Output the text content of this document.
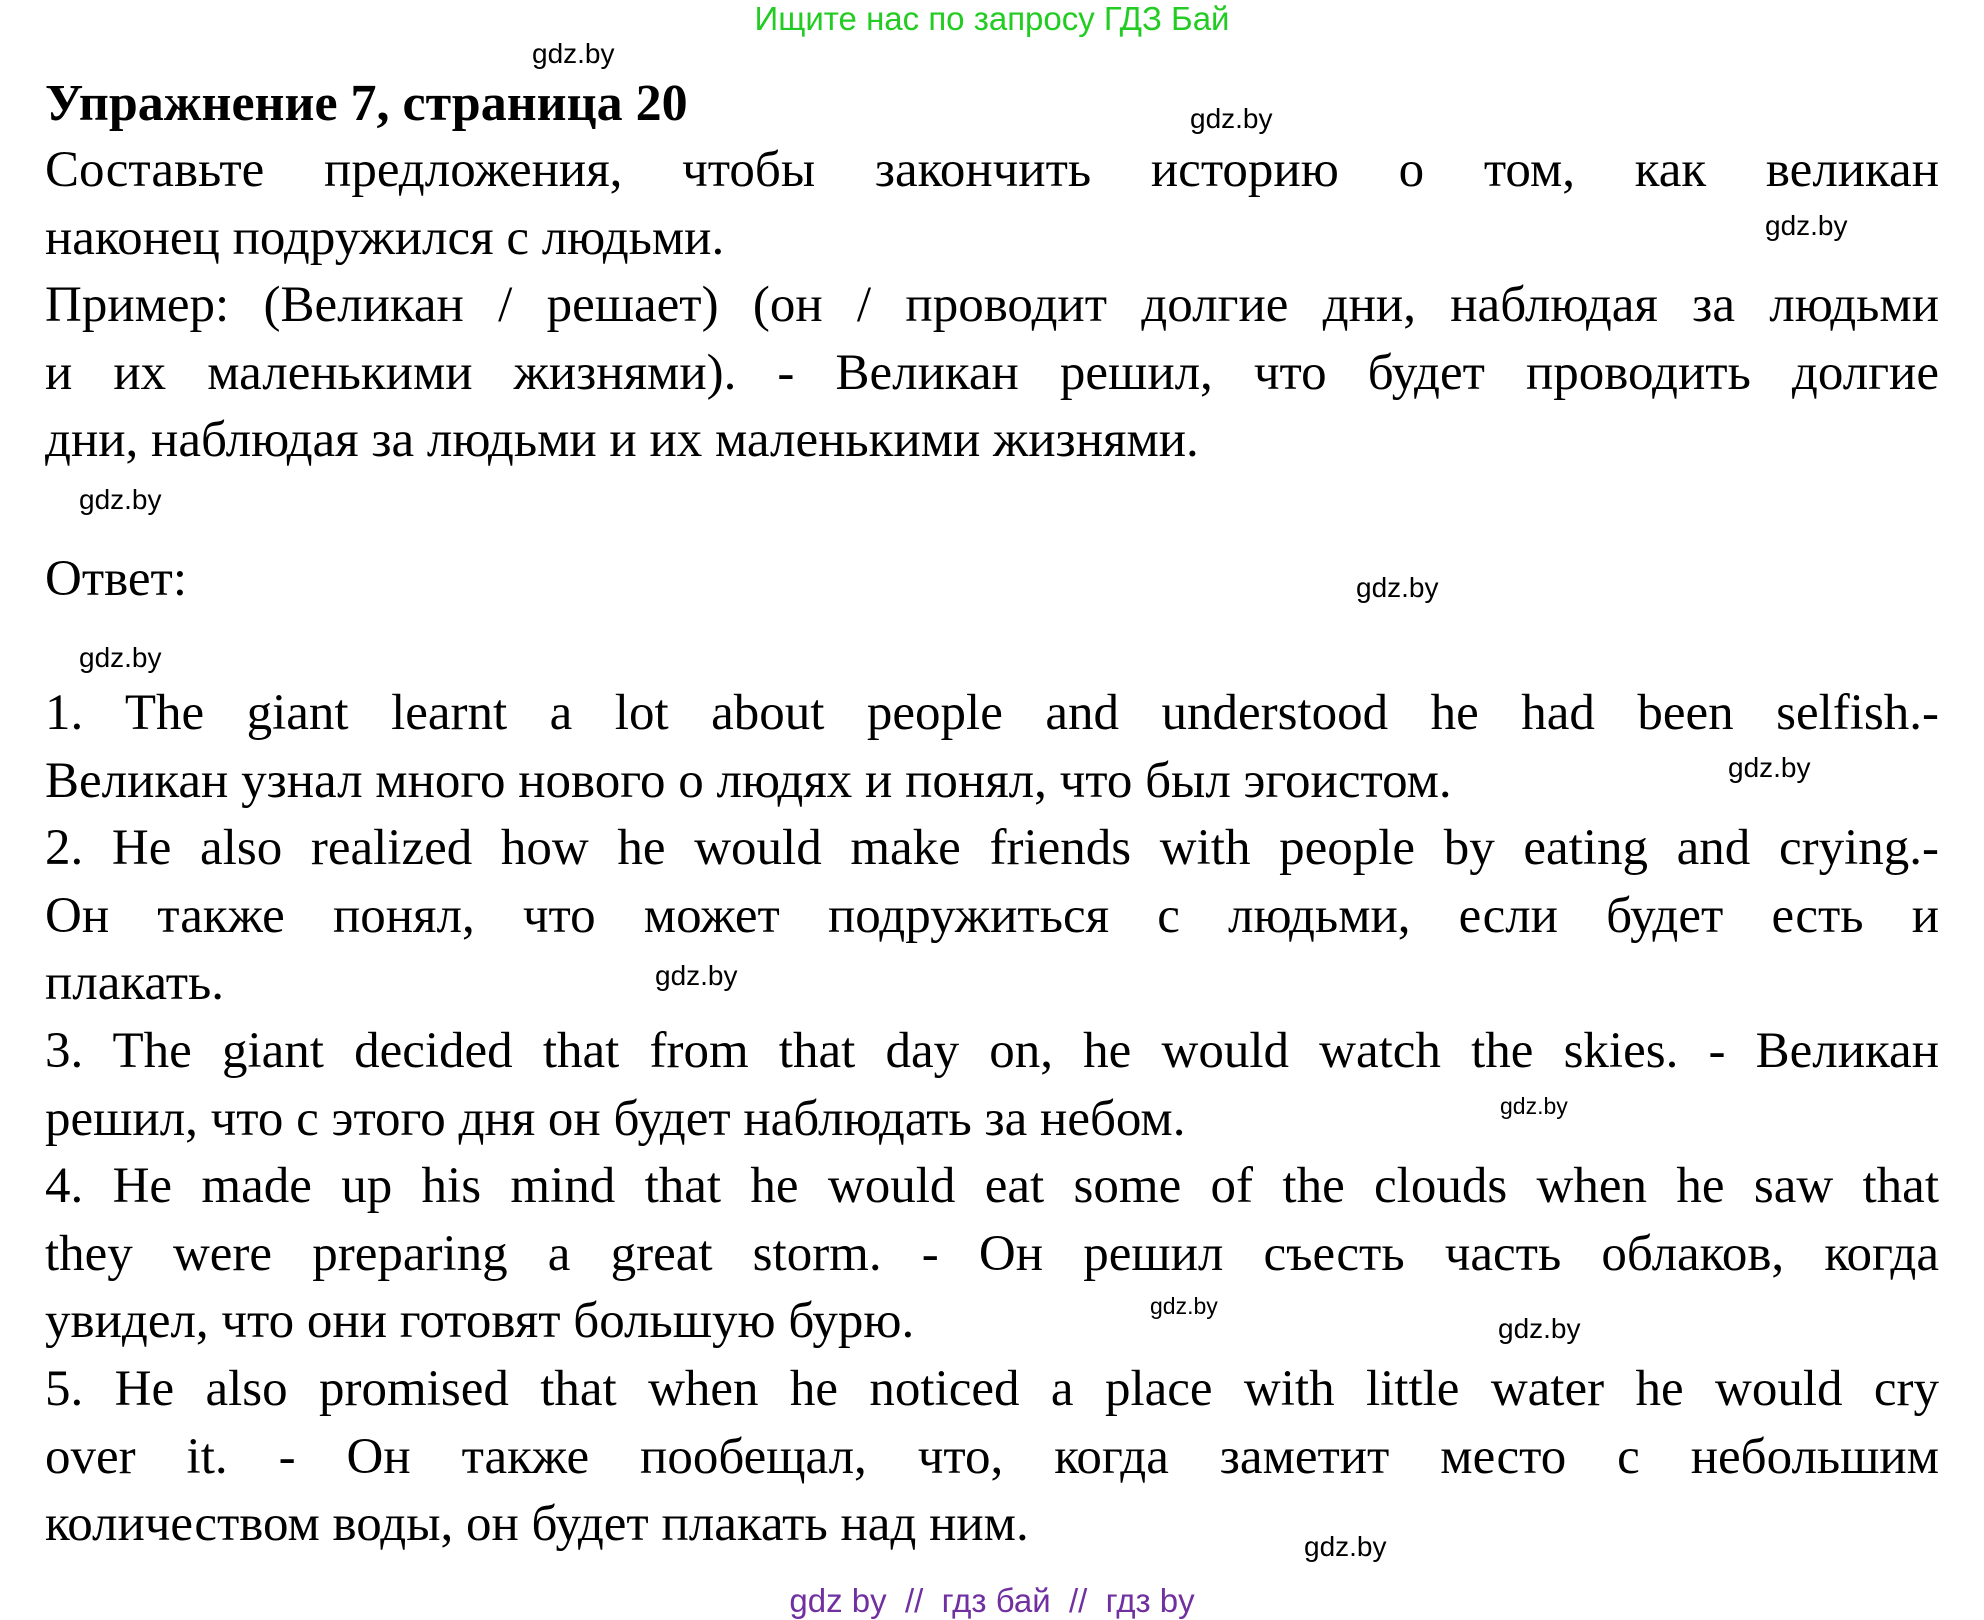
Ищите нас по запросу ГДЗ Бай
Упражнение 7, страница 20
Составьте предложения, чтобы закончить историю о том, как великан
наконец подружился с людьми.
Пример: (Великан / решает) (он / проводит долгие дни, наблюдая за людьми
и их маленькими жизнями). - Великан решил, что будет проводить долгие
дни, наблюдая за людьми и их маленькими жизнями.
Ответ:
1. The giant learnt a lot about people and understood he had been selfish.-
Великан узнал много нового о людях и понял, что был эгоистом.
2. He also realized how he would make friends with people by eating and crying.-
Он также понял, что может подружиться с людьми, если будет есть и
плакать.
3. The giant decided that from that day on, he would watch the skies. - Великан
решил, что с этого дня он будет наблюдать за небом.
4. He made up his mind that he would eat some of the clouds when he saw that
they were preparing a great storm. - Он решил съесть часть облаков, когда
увидел, что они готовят большую бурю.
5. He also promised that when he noticed a place with little water he would cry
over it. - Он также пообещал, что, когда заметит место с небольшим
количеством воды, он будет плакать над ним.
gdz.by
gdz.by
gdz.by
gdz.by
gdz.by
gdz.by
gdz.by
gdz.by
gdz.by
gdz.by
gdz.by
gdz.by
gdz by  //  гдз бай  //  гдз by
